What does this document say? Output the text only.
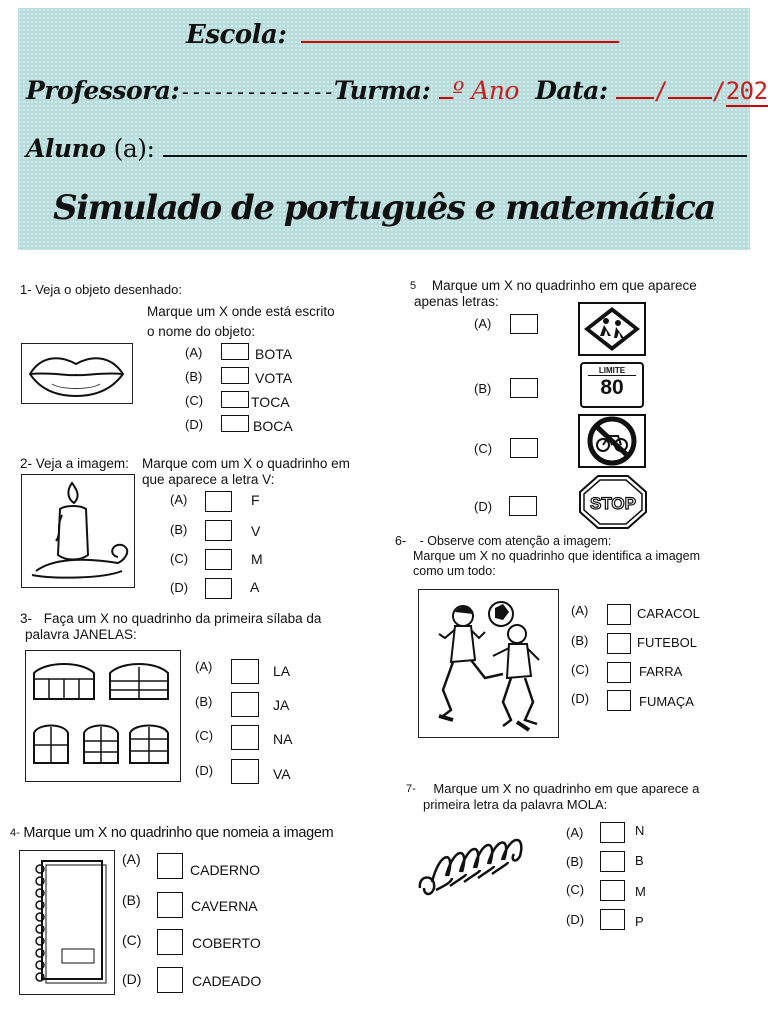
Escola:
Professora:--------------Turma: º Ano Data: / /202
Aluno (a):
Simulado de português e matemática
1- Veja o objeto desenhado:
Marque um X onde está escrito
o nome do objeto:
(A)	BOTA
(B)	VOTA
(C)	TOCA
(D)	BOCA
2- Veja a imagem: Marque com um X o quadrinho em
que aparece a letra V:
(A)	F
(B)	V
(C)	M
(D)	A
3- Faça um X no quadrinho da primeira sílaba da
palavra JANELAS:
(A)	LA
(B)	JA
(C)	NA
(D)	VA
$^{4-}$ Marque um X no quadrinho que nomeia a imagem
(A)
CADERNO
(B)	CAVERNA
(C)	COBERTO
(D)	CADEADO
$^5$ Marque um X no quadrinho em que aparece
apenas letras:
(A)
(B)
LIMITE
80
(C)
(D)	STOP
6- - Observe com atenção a imagem:
Marque um X no quadrinho que identifica a imagem
como um todo:
(A)	CARACOL
(B)	FUTEBOL
(C)	FARRA
(D)	FUMAÇA
$^{7-}$ Marque um X no quadrinho em que aparece a
primeira letra da palavra MOLA:
(A)	N
(B)	B
(C)	M
(D)	P
